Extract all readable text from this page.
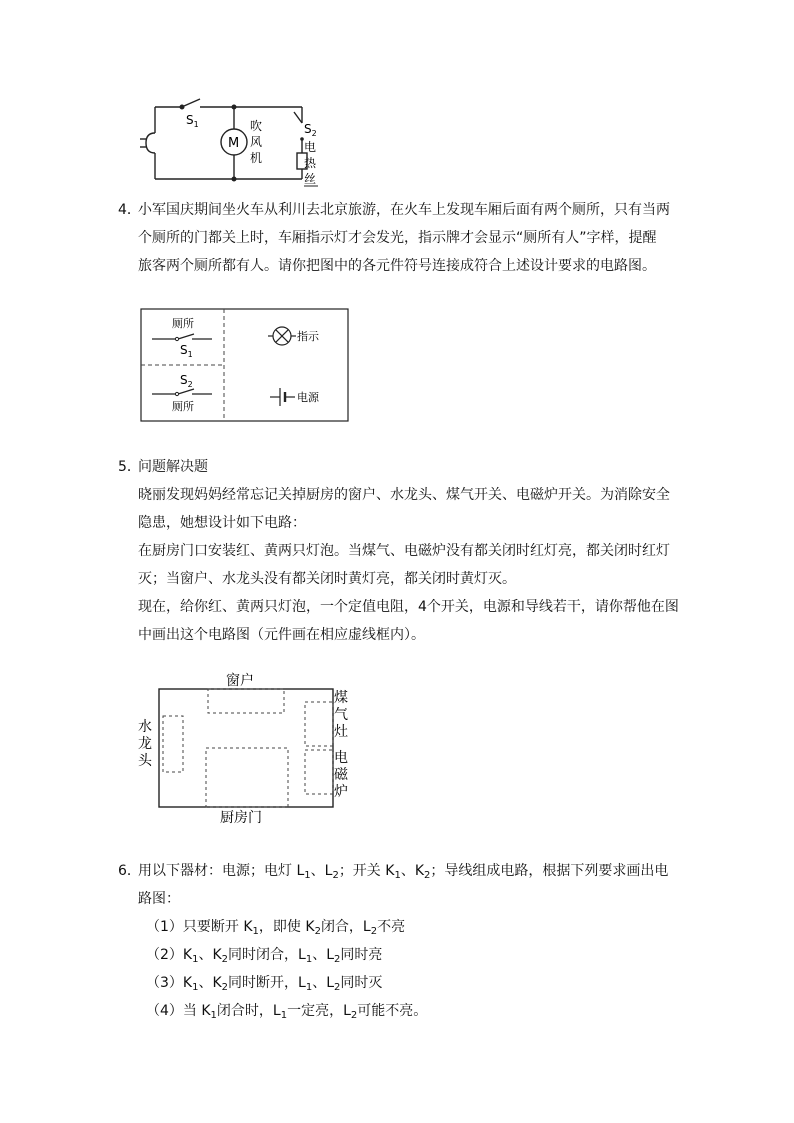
$S_1$
M
吹
风
机
$S_2$
电
热
丝
4．
小军国庆期间坐火车从利川去北京旅游，在火车上发现车厢后面有两个厕所，只有当两
个厕所的门都关上时，车厢指示灯才会发光，指示牌才会显示“厕所有人”字样，提醒
旅客两个厕所都有人。请你把图中的各元件符号连接成符合上述设计要求的电路图。
厕所
$S_1$
$S_2$
厕所
指示
电源
5．
问题解决题
晓丽发现妈妈经常忘记关掉厨房的窗户、水龙头、煤气开关、电磁炉开关。为消除安全
隐患，她想设计如下电路：
在厨房门口安装红、黄两只灯泡。当煤气、电磁炉没有都关闭时红灯亮，都关闭时红灯
灭；当窗户、水龙头没有都关闭时黄灯亮，都关闭时黄灯灭。
现在，给你红、黄两只灯泡，一个定值电阻，4个开关，电源和导线若干，请你帮他在图
中画出这个电路图（元件画在相应虚线框内）。
窗户
水
龙
头
煤
气
灶
电
磁
炉
厨房门
6．
用以下器材：电源；电灯 $L_1$、$L_2$；开关 $K_1$、$K_2$；导线组成电路，根据下列要求画出电
路图：
（1）只要断开 $K_1$，即使 $K_2$闭合，$L_2$不亮
$(2)K_1$、$K_2$同时闭合，$L_1$、$L_2$同时亮
$(3)K_1$、$K_2$同时断开，$L_1$、$L_2$同时灭
（4）当 $K_1$闭合时，$L_1$一定亮，$L_2$可能不亮。
